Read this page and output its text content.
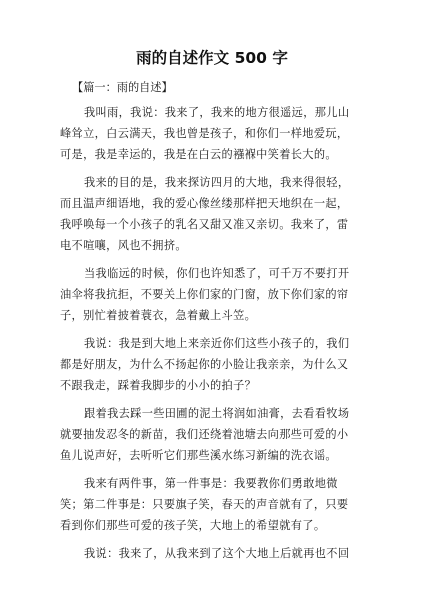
雨的自述作文 500 字
【篇一：雨的自述】
我叫雨，我说：我来了，我来的地方很遥远，那儿山
峰耸立，白云满天，我也曾是孩子，和你们一样地爱玩，
可是，我是幸运的，我是在白云的襁褓中笑着长大的。
我来的目的是，我来探访四月的大地，我来得很轻，
而且温声细语地，我的爱心像丝缕那样把天地织在一起，
我呼唤每一个小孩子的乳名又甜又准又亲切。我来了，雷
电不喧嚷，风也不拥挤。
当我临远的时候，你们也许知悉了，可千万不要打开
油伞将我抗拒，不要关上你们家的门窗，放下你们家的帘
子，别忙着披着蓑衣，急着戴上斗笠。
我说：我是到大地上来亲近你们这些小孩子的，我们
都是好朋友，为什么不扬起你的小脸让我亲亲，为什么又
不跟我走，踩着我脚步的小小的拍子？
跟着我去踩一些田圃的泥土将润如油膏，去看看牧场
就要抽发忍冬的新苗，我们还绕着池塘去向那些可爱的小
鱼儿说声好，去听听它们那些溪水练习新编的洗衣谣。
我来有两件事，第一件事是：我要教你们勇敢地微
笑；第二件事是：只要旗子笑，春天的声音就有了，只要
看到你们那些可爱的孩子笑，大地上的希望就有了。
我说：我来了，从我来到了这个大地上后就再也不回
